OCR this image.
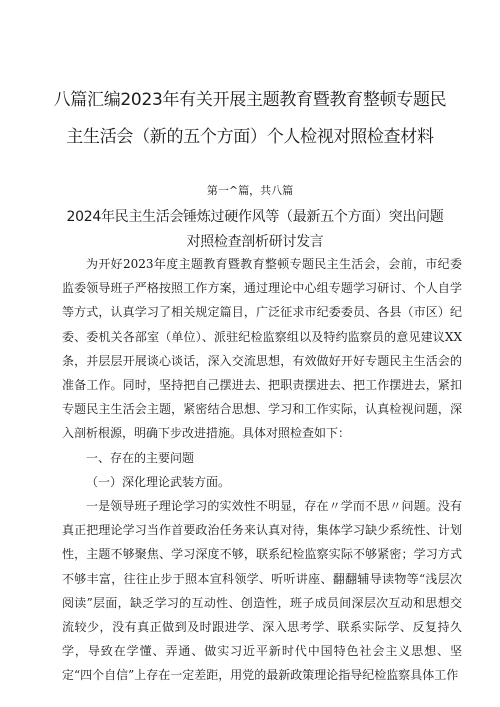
八篇汇编2023年有关开展主题教育暨教育整顿专题民
主生活会（新的五个方面）个人检视对照检查材料
第一^篇，共八篇
2024年民主生活会锤炼过硬作风等（最新五个方面）突出问题
对照检查剖析研讨发言

为开好2023年度主题教育暨教育整顿专题民主生活会，会前，市纪委监委领导班子严格按照工作方案，通过理论中心组专题学习研讨、个人自学等方式，认真学习了相关规定篇目，广泛征求市纪委委员、各县（市区）纪委、委机关各部室（单位）、派驻纪检监察组以及特约监察员的意见建议XX条，并层层开展谈心谈话，深入交流思想，有效做好开好专题民主生活会的准备工作。同时，坚持把自己摆进去、把职责摆进去、把工作摆进去，紧扣专题民主生活会主题，紧密结合思想、学习和工作实际，认真检视问题，深入剖析根源，明确下步改进措施。具体对照检查如下：

一、存在的主要问题

（一）深化理论武装方面。

一是领导班子理论学习的实效性不明显，存在〃学而不思〃问题。没有真正把理论学习当作首要政治任务来认真对待，集体学习缺少系统性、计划性，主题不够聚焦、学习深度不够，联系纪检监察实际不够紧密；学习方式不够丰富，往往止步于照本宣科领学、听听讲座、翻翻辅导读物等“浅层次阅读”层面，缺乏学习的互动性、创造性，班子成员间深层次互动和思想交流较少，没有真正做到及时跟进学、深入思考学、联系实际学、反复持久学，导致在学懂、弄通、做实习近平新时代中国特色社会主义思想、坚定“四个自信”上存在一定差距，用党的最新政策理论指导纪检监察具体工作
